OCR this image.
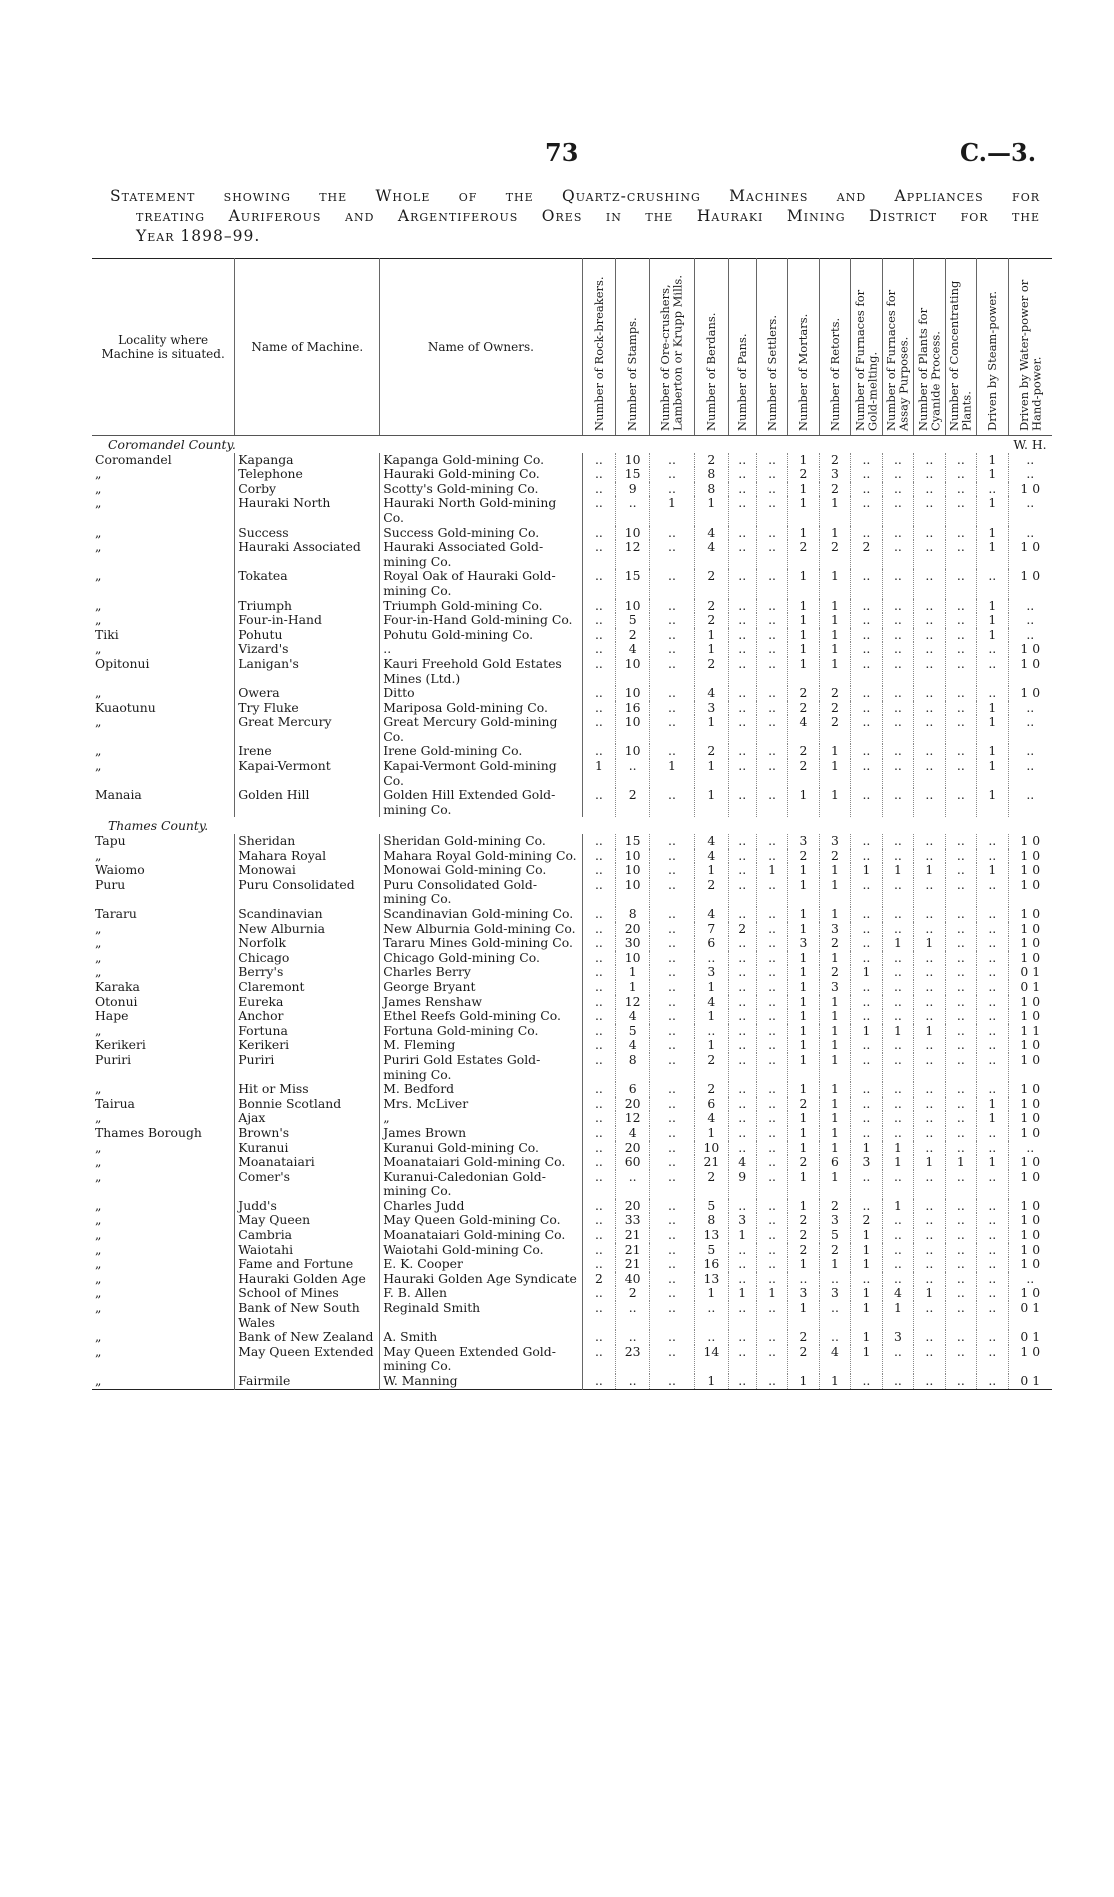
73	C.—3.
Statement showing the Whole of the Quartz-crushing Machines and Appliances for
treating Auriferous and Argentiferous Ores in the Hauraki Mining District for the
Year 1898–99.
Locality where Machine is situated.	Name of Machine.	Name of Owners.	Number of Rock-breakers.	Number of Stamps.	Number of Ore-crushers, Lamberton or Krupp Mills.	Number of Berdans.	Number of Pans.	Number of Settlers.	Number of Mortars.	Number of Retorts.	Number of Furnaces for Gold-melting.	Number of Furnaces for Assay Purposes.	Number of Plants for Cyanide Process.	Number of Concentrating Plants.	Driven by Steam-power.	Driven by Water-power or Hand-power.

Coromandel County.																W. H.
Coromandel	Kapanga	Kapanga Gold-mining Co.	..	10	..	2	..	..	1	2	..	..	..	..	1	..
„	Telephone	Hauraki Gold-mining Co.	..	15	..	8	..	..	2	3	..	..	..	..	1	..
„	Corby	Scotty's Gold-mining Co.	..	9	..	8	..	..	1	2	..	..	..	..	..	1 0
„	Hauraki North	Hauraki North Gold-mining Co.	..	..	1	1	..	..	1	1	..	..	..	..	1	..
„	Success	Success Gold-mining Co.	..	10	..	4	..	..	1	1	..	..	..	..	1	..
„	Hauraki Associated	Hauraki Associated Gold-mining Co.	..	12	..	4	..	..	2	2	2	..	..	..	1	1 0
„	Tokatea	Royal Oak of Hauraki Gold-mining Co.	..	15	..	2	..	..	1	1	..	..	..	..	..	1 0
„	Triumph	Triumph Gold-mining Co.	..	10	..	2	..	..	1	1	..	..	..	..	1	..
„	Four-in-Hand	Four-in-Hand Gold-mining Co.	..	5	..	2	..	..	1	1	..	..	..	..	1	..
Tiki	Pohutu	Pohutu Gold-mining Co.	..	2	..	1	..	..	1	1	..	..	..	..	1	..
„	Vizard's	..	..	4	..	1	..	..	1	1	..	..	..	..	..	1 0
Opitonui	Lanigan's	Kauri Freehold Gold Estates Mines (Ltd.)	..	10	..	2	..	..	1	1	..	..	..	..	..	1 0
„	Owera	Ditto	..	10	..	4	..	..	2	2	..	..	..	..	..	1 0
Kuaotunu	Try Fluke	Mariposa Gold-mining Co.	..	16	..	3	..	..	2	2	..	..	..	..	1	..
„	Great Mercury	Great Mercury Gold-mining Co.	..	10	..	1	..	..	4	2	..	..	..	..	1	..
„	Irene	Irene Gold-mining Co.	..	10	..	2	..	..	2	1	..	..	..	..	1	..
„	Kapai-Vermont	Kapai-Vermont Gold-mining Co.	1	..	1	1	..	..	2	1	..	..	..	..	1	..
Manaia	Golden Hill	Golden Hill Extended Gold-mining Co.	..	2	..	1	..	..	1	1	..	..	..	..	1	..
Thames County.																
Tapu	Sheridan	Sheridan Gold-mining Co.	..	15	..	4	..	..	3	3	..	..	..	..	..	1 0
„	Mahara Royal	Mahara Royal Gold-mining Co.	..	10	..	4	..	..	2	2	..	..	..	..	..	1 0
Waiomo	Monowai	Monowai Gold-mining Co.	..	10	..	1	..	1	1	1	1	1	1	..	1	1 0
Puru	Puru Consolidated	Puru Consolidated Gold-mining Co.	..	10	..	2	..	..	1	1	..	..	..	..	..	1 0
Tararu	Scandinavian	Scandinavian Gold-mining Co.	..	8	..	4	..	..	1	1	..	..	..	..	..	1 0
„	New Alburnia	New Alburnia Gold-mining Co.	..	20	..	7	2	..	1	3	..	..	..	..	..	1 0
„	Norfolk	Tararu Mines Gold-mining Co.	..	30	..	6	..	..	3	2	..	1	1	..	..	1 0
„	Chicago	Chicago Gold-mining Co.	..	10	..	..	..	..	1	1	..	..	..	..	..	1 0
„	Berry's	Charles Berry	..	1	..	3	..	..	1	2	1	..	..	..	..	0 1
Karaka	Claremont	George Bryant	..	1	..	1	..	..	1	3	..	..	..	..	..	0 1
Otonui	Eureka	James Renshaw	..	12	..	4	..	..	1	1	..	..	..	..	..	1 0
Hape	Anchor	Ethel Reefs Gold-mining Co.	..	4	..	1	..	..	1	1	..	..	..	..	..	1 0
„	Fortuna	Fortuna Gold-mining Co.	..	5	..	..	..	..	1	1	1	1	1	..	..	1 1
Kerikeri	Kerikeri	M. Fleming	..	4	..	1	..	..	1	1	..	..	..	..	..	1 0
Puriri	Puriri	Puriri Gold Estates Gold-mining Co.	..	8	..	2	..	..	1	1	..	..	..	..	..	1 0
„	Hit or Miss	M. Bedford	..	6	..	2	..	..	1	1	..	..	..	..	..	1 0
Tairua	Bonnie Scotland	Mrs. McLiver	..	20	..	6	..	..	2	1	..	..	..	..	1	1 0
„	Ajax	„	..	12	..	4	..	..	1	1	..	..	..	..	1	1 0
Thames Borough	Brown's	James Brown	..	4	..	1	..	..	1	1	..	..	..	..	..	1 0
„	Kuranui	Kuranui Gold-mining Co.	..	20	..	10	..	..	1	1	1	1	..	..	..	..
„	Moanataiari	Moanataiari Gold-mining Co.	..	60	..	21	4	..	2	6	3	1	1	1	1	1 0
„	Comer's	Kuranui-Caledonian Gold-mining Co.	..	..	..	2	9	..	1	1	..	..	..	..	..	1 0
„	Judd's	Charles Judd	..	20	..	5	..	..	1	2	..	1	..	..	..	1 0
„	May Queen	May Queen Gold-mining Co.	..	33	..	8	3	..	2	3	2	..	..	..	..	1 0
„	Cambria	Moanataiari Gold-mining Co.	..	21	..	13	1	..	2	5	1	..	..	..	..	1 0
„	Waiotahi	Waiotahi Gold-mining Co.	..	21	..	5	..	..	2	2	1	..	..	..	..	1 0
„	Fame and Fortune	E. K. Cooper	..	21	..	16	..	..	1	1	1	..	..	..	..	1 0
„	Hauraki Golden Age	Hauraki Golden Age Syndicate	2	40	..	13	..	..	..	..	..	..	..	..	..	..
„	School of Mines	F. B. Allen	..	2	..	1	1	1	3	3	1	4	1	..	..	1 0
„	Bank of New South Wales	Reginald Smith	..	..	..	..	..	..	1	..	1	1	..	..	..	0 1
„	Bank of New Zealand	A. Smith	..	..	..	..	..	..	2	..	1	3	..	..	..	0 1
„	May Queen Extended	May Queen Extended Gold-mining Co.	..	23	..	14	..	..	2	4	1	..	..	..	..	1 0
„	Fairmile	W. Manning	..	..	..	1	..	..	1	1	..	..	..	..	..	0 1
